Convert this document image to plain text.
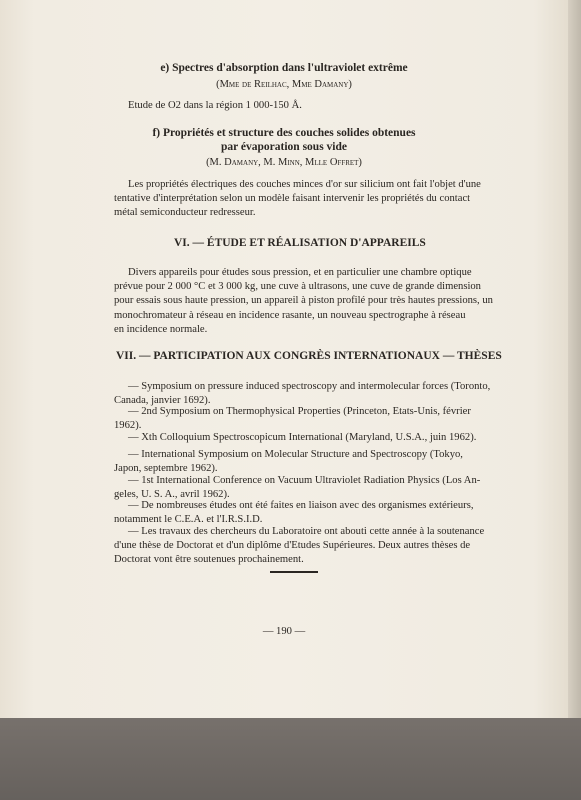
e) Spectres d'absorption dans l'ultraviolet extrême
(Mme de Reilhac, Mme Damany)
Etude de O2 dans la région 1 000-150 Å.
f) Propriétés et structure des couches solides obtenues
par évaporation sous vide
(M. Damany, M. Minn, Mlle Offret)
Les propriétés électriques des couches minces d'or sur silicium ont fait l'objet d'une
tentative d'interprétation selon un modèle faisant intervenir les propriétés du contact
métal semiconducteur redresseur.
VI. — ÉTUDE ET RÉALISATION D'APPAREILS
Divers appareils pour études sous pression, et en particulier une chambre optique
prévue pour 2 000 °C et 3 000 kg, une cuve à ultrasons, une cuve de grande dimension
pour essais sous haute pression, un appareil à piston profilé pour très hautes pressions, un
monochromateur à réseau en incidence rasante, un nouveau spectrographe à réseau
en incidence normale.
VII. — PARTICIPATION AUX CONGRÈS INTERNATIONAUX — THÈSES
— Symposium on pressure induced spectroscopy and intermolecular forces (Toronto,
Canada, janvier 1692).
— 2nd Symposium on Thermophysical Properties (Princeton, Etats-Unis, février
1962).
— Xth Colloquium Spectroscopicum International (Maryland, U.S.A., juin 1962).
— International Symposium on Molecular Structure and Spectroscopy (Tokyo,
Japon, septembre 1962).
— 1st International Conference on Vacuum Ultraviolet Radiation Physics (Los An-
geles, U. S. A., avril 1962).
— De nombreuses études ont été faites en liaison avec des organismes extérieurs,
notamment le C.E.A. et l'I.R.S.I.D.
— Les travaux des chercheurs du Laboratoire ont abouti cette année à la soutenance
d'une thèse de Doctorat et d'un diplôme d'Etudes Supérieures. Deux autres thèses de
Doctorat vont être soutenues prochainement.
— 190 —
